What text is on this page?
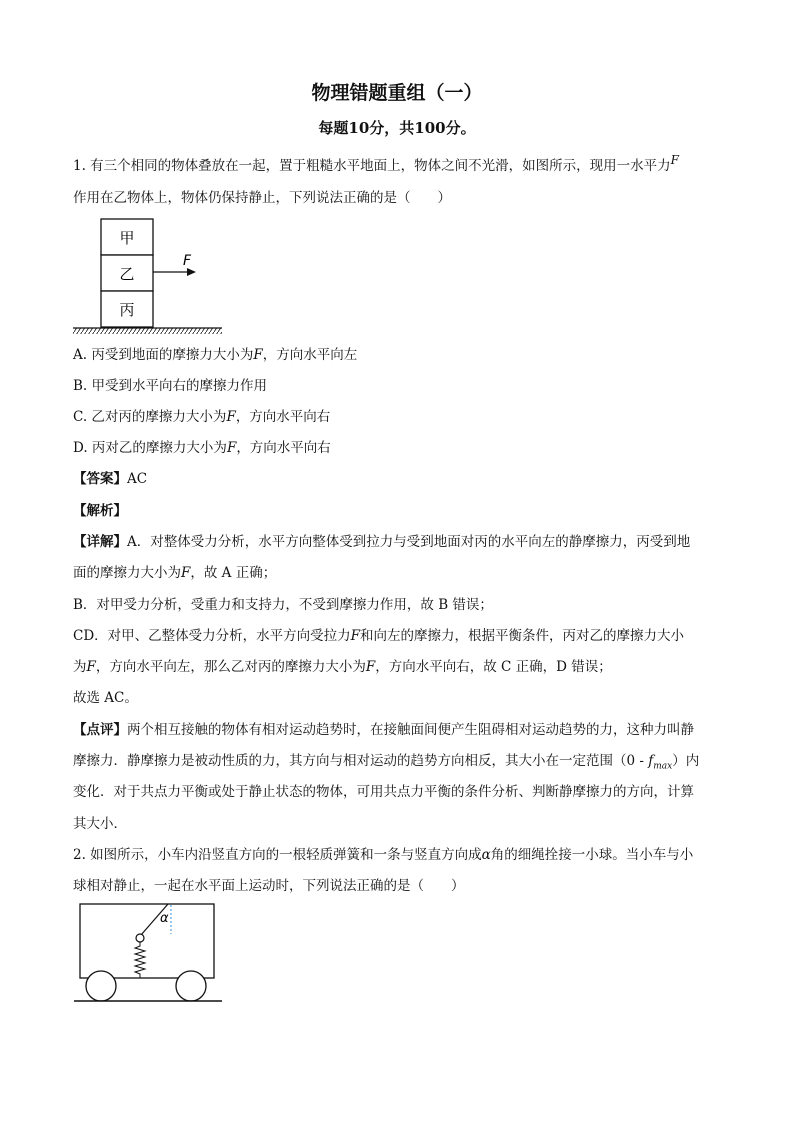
物理错题重组（一）
每题10分，共100分。
1. 有三个相同的物体叠放在一起，置于粗糙水平地面上，物体之间不光滑，如图所示，现用一水平力F
作用在乙物体上，物体仍保持静止，下列说法正确的是（　　）
甲
乙
丙
F
A. 丙受到地面的摩擦力大小为F，方向水平向左
B. 甲受到水平向右的摩擦力作用
C. 乙对丙的摩擦力大小为F，方向水平向右
D. 丙对乙的摩擦力大小为F，方向水平向右
【答案】AC
【解析】
【详解】A．对整体受力分析，水平方向整体受到拉力与受到地面对丙的水平向左的静摩擦力，丙受到地
面的摩擦力大小为F，故 A 正确；
B．对甲受力分析，受重力和支持力，不受到摩擦力作用，故 B 错误；
CD．对甲、乙整体受力分析，水平方向受拉力F和向左的摩擦力，根据平衡条件，丙对乙的摩擦力大小
为F，方向水平向左，那么乙对丙的摩擦力大小为F，方向水平向右，故 C 正确，D 错误；
故选 AC。
【点评】两个相互接触的物体有相对运动趋势时，在接触面间便产生阻碍相对运动趋势的力，这种力叫静
摩擦力．静摩擦力是被动性质的力，其方向与相对运动的趋势方向相反，其大小在一定范围$(0 - f_{max})$内
变化．对于共点力平衡或处于静止状态的物体，可用共点力平衡的条件分析、判断静摩擦力的方向，计算
其大小．
2. 如图所示，小车内沿竖直方向的一根轻质弹簧和一条与竖直方向成α角的细绳拴接一小球。当小车与小
球相对静止，一起在水平面上运动时，下列说法正确的是（　　）
α
